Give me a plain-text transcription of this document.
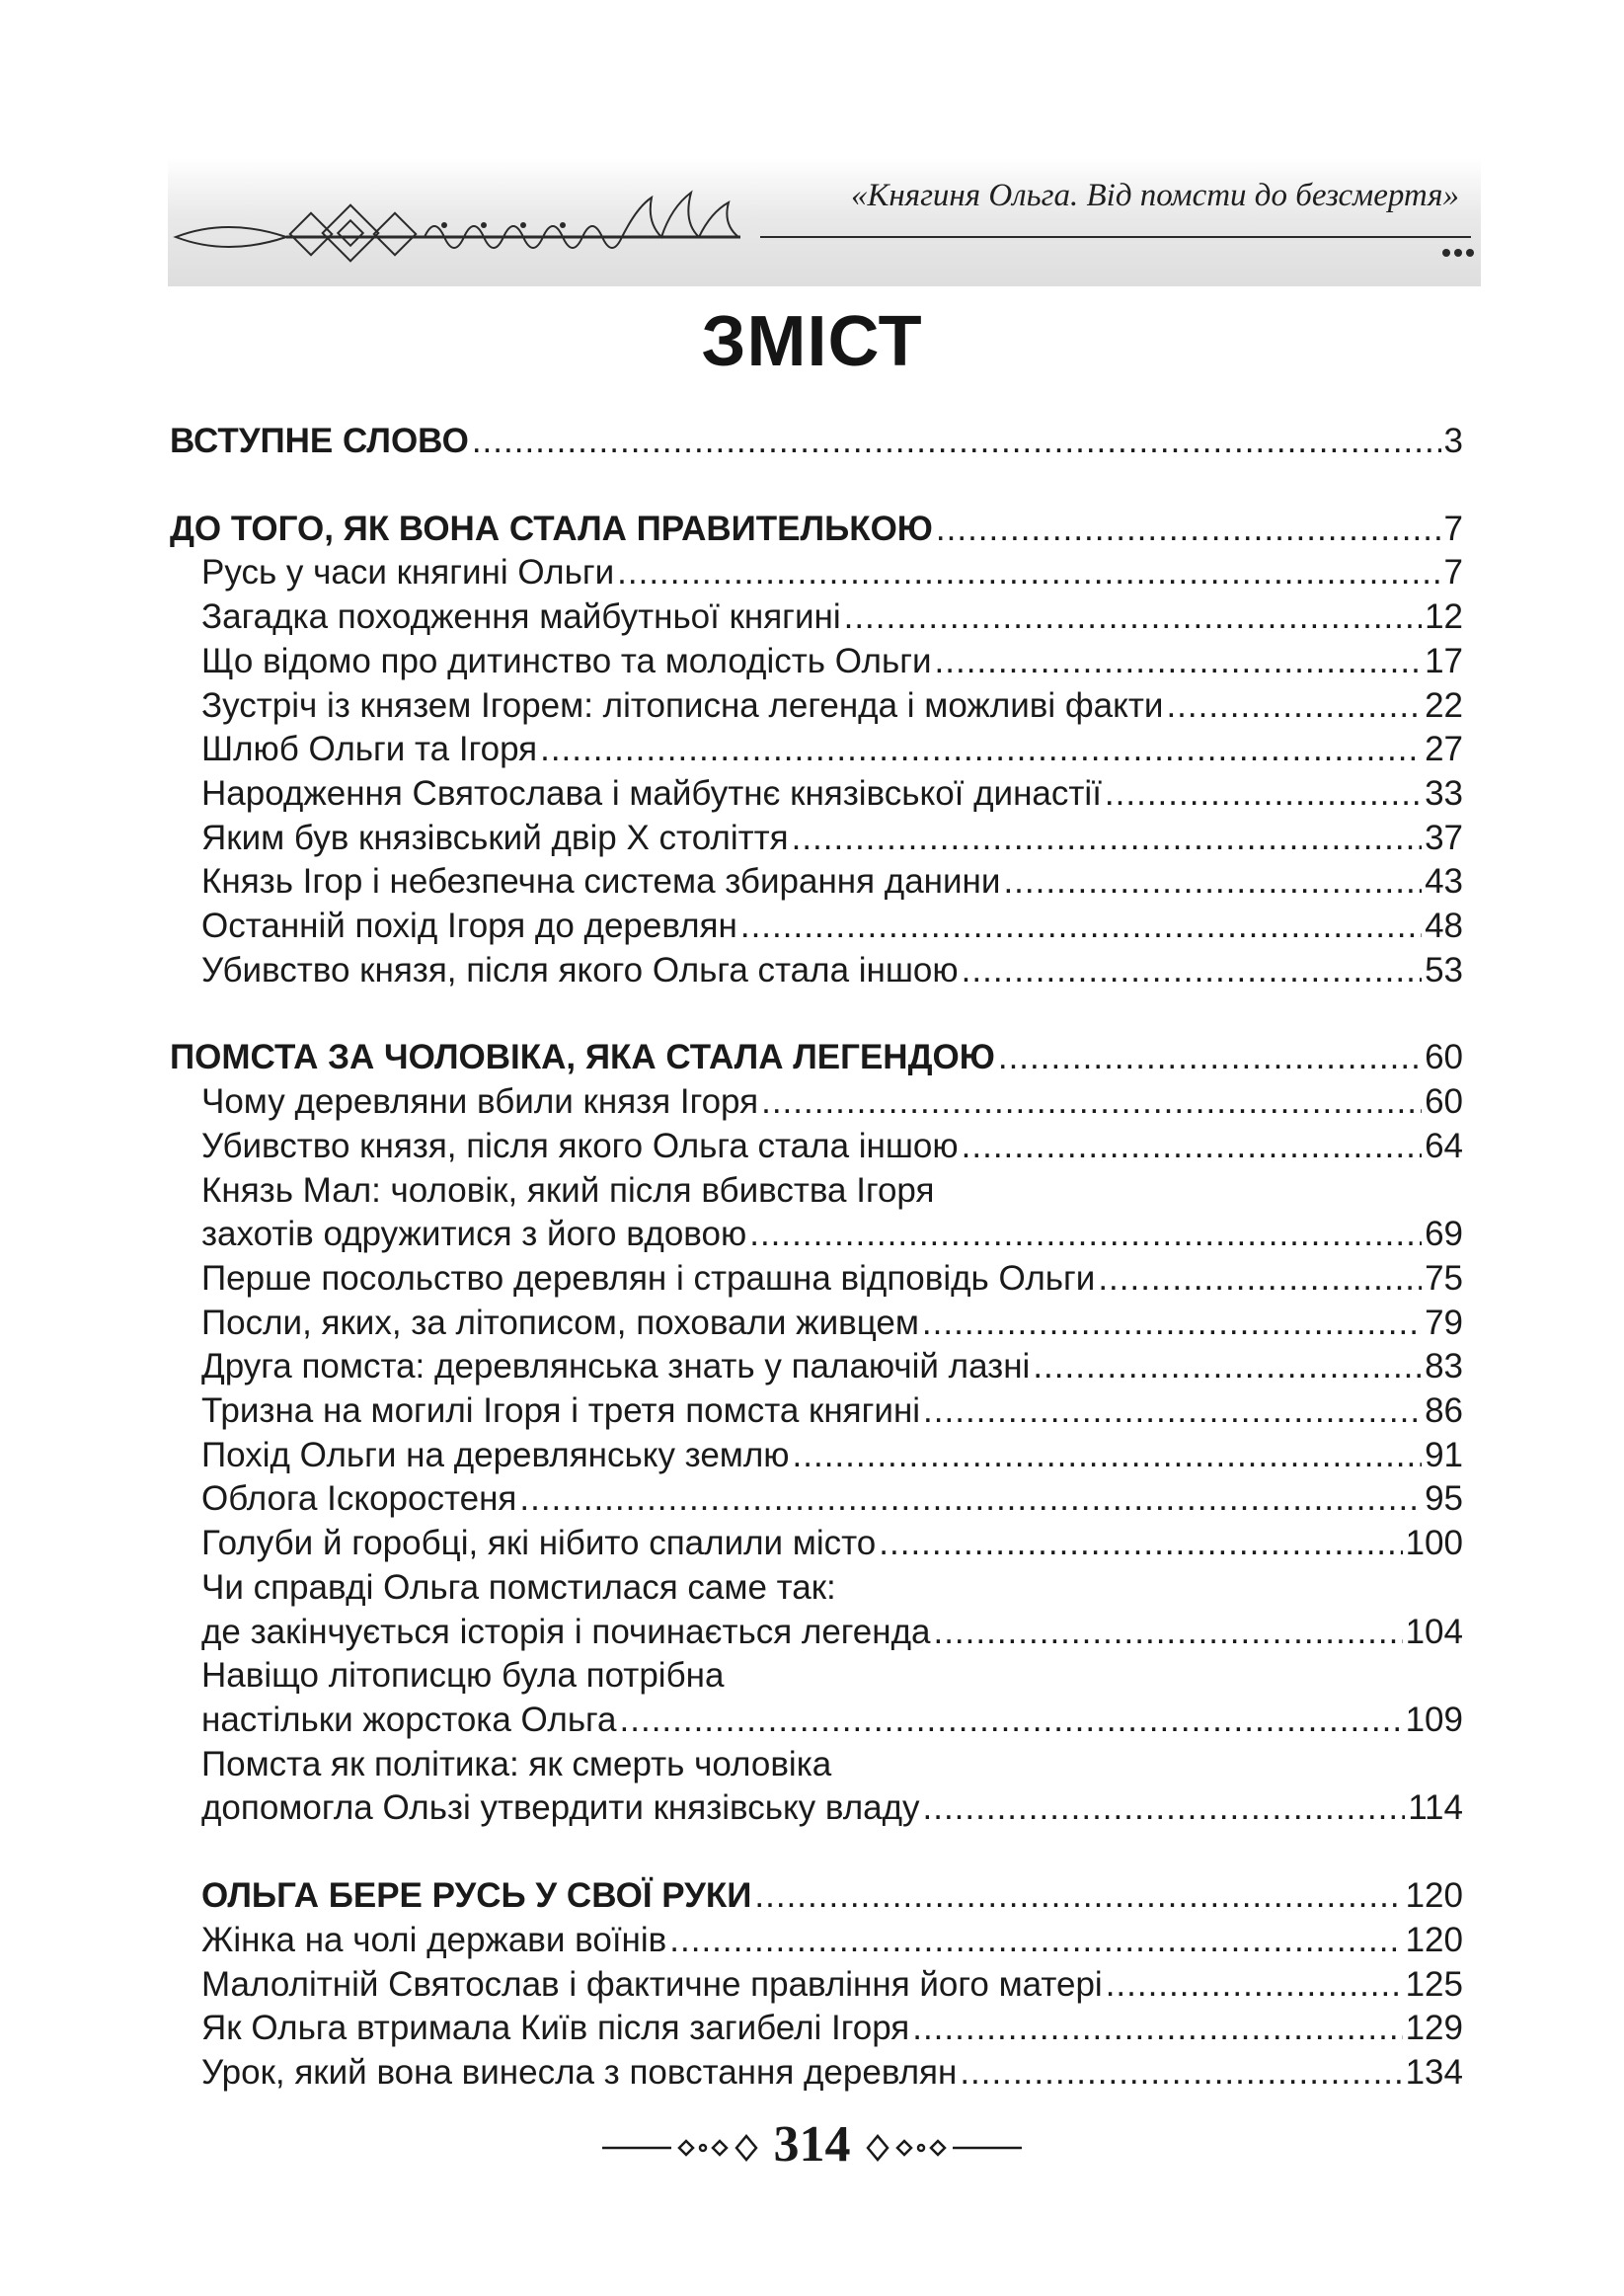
«Княгиня Ольга. Від помсти до безсмертя»
ЗМІСТ
ВСТУПНЕ СЛОВО .....	3
ДО ТОГО, ЯК ВОНА СТАЛА ПРАВИТЕЛЬКОЮ .....	7
Русь у часи княгині Ольги .....	7
Загадка походження майбутньої княгині .....	12
Що відомо про дитинство та молодість Ольги .....	17
Зустріч із князем Ігорем: літописна легенда і можливі факти .....	22
Шлюб Ольги та Ігоря .....	27
Народження Святослава і майбутнє князівської династії .....	33
Яким був князівський двір Х століття .....	37
Князь Ігор і небезпечна система збирання данини .....	43
Останній похід Ігоря до деревлян .....	48
Убивство князя, після якого Ольга стала іншою .....	53
ПОМСТА ЗА ЧОЛОВІКА, ЯКА СТАЛА ЛЕГЕНДОЮ .....	60
Чому деревляни вбили князя Ігоря .....	60
Убивство князя, після якого Ольга стала іншою .....	64
Князь Мал: чоловік, який після вбивства Ігоря
захотів одружитися з його вдовою .....	69
Перше посольство деревлян і страшна відповідь Ольги .....	75
Посли, яких, за літописом, поховали живцем .....	79
Друга помста: деревлянська знать у палаючій лазні .....	83
Тризна на могилі Ігоря і третя помста княгині .....	86
Похід Ольги на деревлянську землю .....	91
Облога Іскоростеня .....	95
Голуби й горобці, які нібито спалили місто .....	100
Чи справді Ольга помстилася саме так:
де закінчується історія і починається легенда .....	104
Навіщо літописцю була потрібна
настільки жорстока Ольга .....	109
Помста як політика: як смерть чоловіка
допомогла Ользі утвердити князівську владу .....	114
ОЛЬГА БЕРЕ РУСЬ У СВОЇ РУКИ .....	120
Жінка на чолі держави воїнів .....	120
Малолітній Святослав і фактичне правління його матері .....	125
Як Ольга втримала Київ після загибелі Ігоря .....	129
Урок, який вона винесла з повстання деревлян .....	134
314
